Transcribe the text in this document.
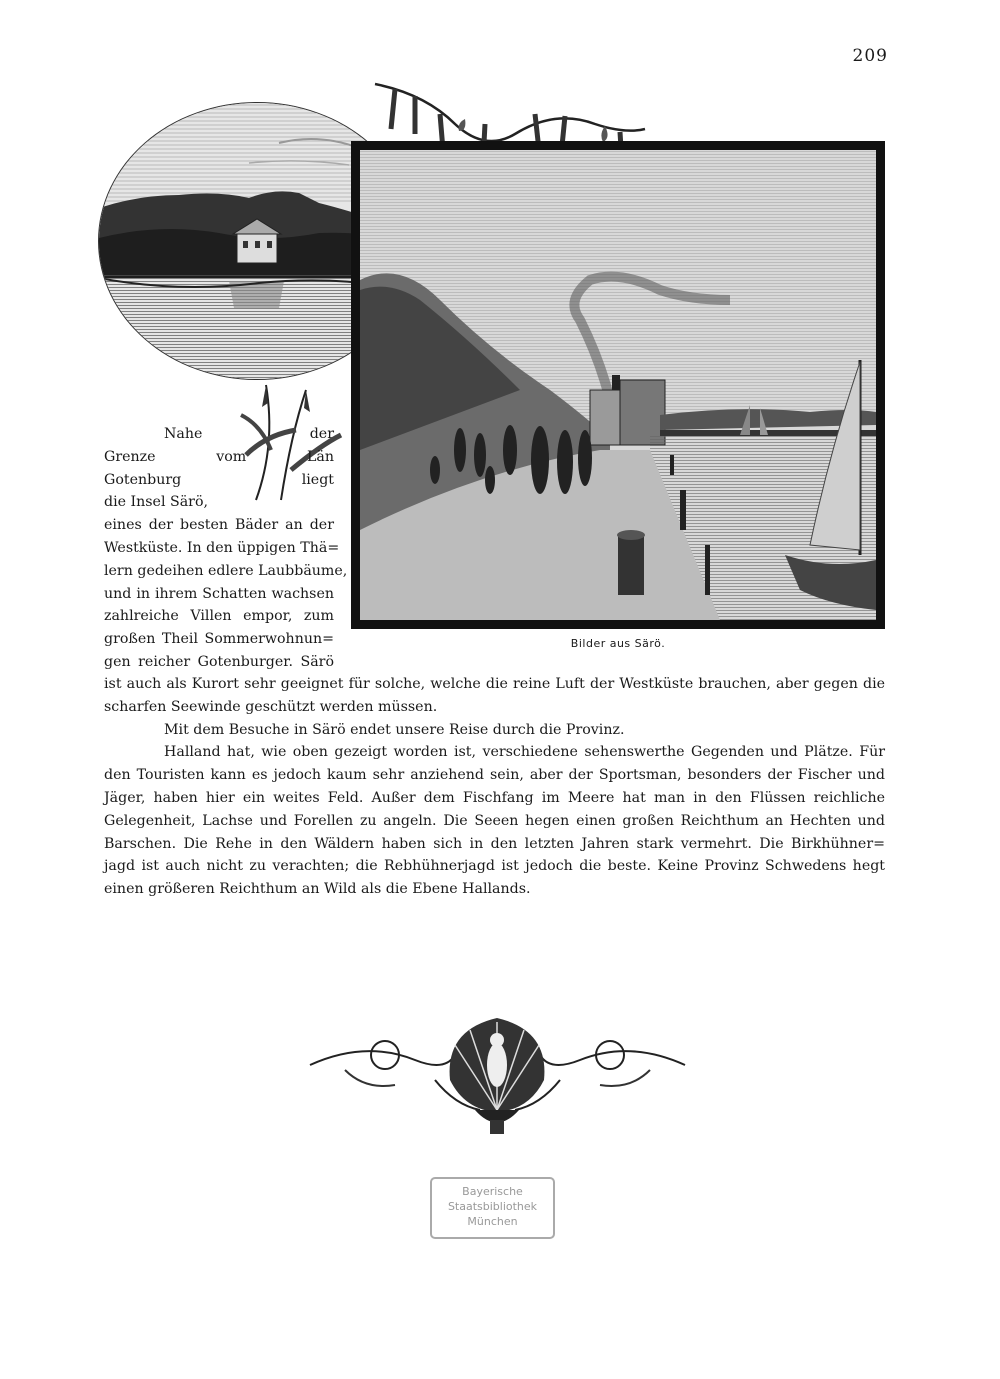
209
Bilder aus Särö.
Nahe der
Grenze vom Län
Gotenburg liegt
die Insel Särö,
eines der besten Bäder an der
Westküste. In den üppigen Thä=
lern gedeihen edlere Laubbäume,
und in ihrem Schatten wachsen
zahlreiche Villen empor, zum
großen Theil Sommerwohnun=
gen reicher Gotenburger. Särö
ist auch als Kurort sehr geeignet für solche, welche die reine Luft der Westküste brauchen, aber gegen die
scharfen Seewinde geschützt werden müssen.
Mit dem Besuche in Särö endet unsere Reise durch die Provinz.
Halland hat, wie oben gezeigt worden ist, verschiedene sehenswerthe Gegenden und Plätze. Für
den Touristen kann es jedoch kaum sehr anziehend sein, aber der Sportsman, besonders der Fischer und
Jäger, haben hier ein weites Feld. Außer dem Fischfang im Meere hat man in den Flüssen reichliche
Gelegenheit, Lachse und Forellen zu angeln. Die Seeen hegen einen großen Reichthum an Hechten und
Barschen. Die Rehe in den Wäldern haben sich in den letzten Jahren stark vermehrt. Die Birkhühner=
jagd ist auch nicht zu verachten; die Rebhühnerjagd ist jedoch die beste. Keine Provinz Schwedens hegt
einen größeren Reichthum an Wild als die Ebene Hallands.
Bayerische
Staatsbibliothek
München
